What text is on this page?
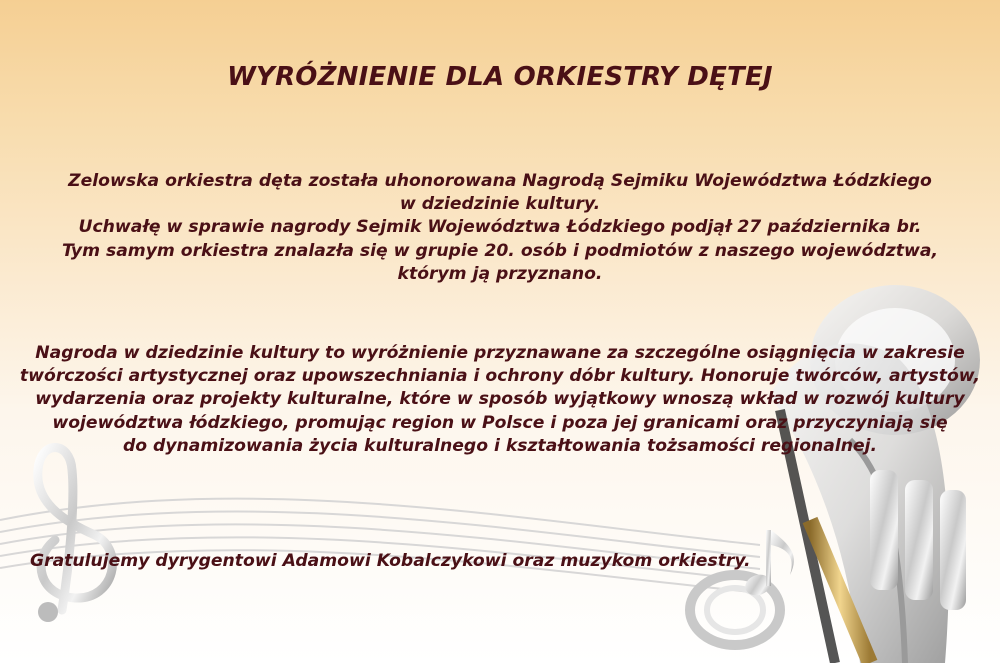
WYRÓŻNIENIE DLA ORKIESTRY DĘTEJ

Zelowska orkiestra dęta została uhonorowana Nagrodą Sejmiku Województwa Łódzkiego
w dziedzinie kultury.
Uchwałę w sprawie nagrody Sejmik Województwa Łódzkiego podjął 27 października br.
Tym samym orkiestra znalazła się w grupie 20. osób i podmiotów z naszego województwa,
którym ją przyznano.

Nagroda w dziedzinie kultury to wyróżnienie przyznawane za szczególne osiągnięcia w zakresie
twórczości artystycznej oraz upowszechniania i ochrony dóbr kultury. Honoruje twórców, artystów,
wydarzenia oraz projekty kulturalne, które w sposób wyjątkowy wnoszą wkład w rozwój kultury
województwa łódzkiego, promując region w Polsce i poza jej granicami oraz przyczyniają się
do dynamizowania życia kulturalnego i kształtowania tożsamości regionalnej.

Gratulujemy dyrygentowi Adamowi Kobalczykowi oraz muzykom orkiestry.
